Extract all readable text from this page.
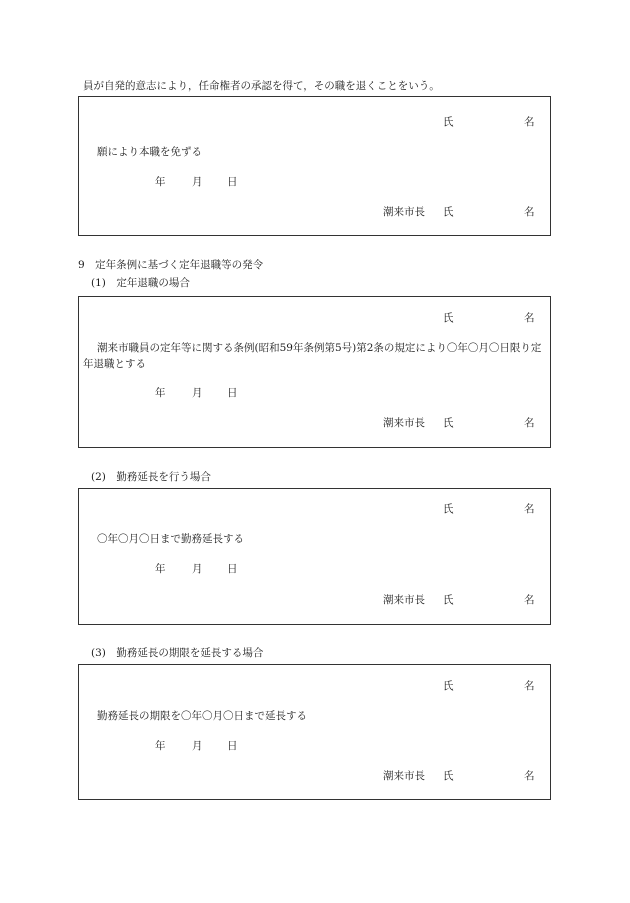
員が自発的意志により，任命権者の承認を得て，その職を退くことをいう。
氏	名
願により本職を免ずる
年	月 日
潮来市長 氏	名
9　定年条例に基づく定年退職等の発令
(1)　定年退職の場合
氏	名
潮来市職員の定年等に関する条例(昭和59年条例第5号)第2条の規定により〇年〇月〇日限り定年退職とする
年	月 日
潮来市長 氏	名
(2)　勤務延長を行う場合
氏	名
〇年〇月〇日まで勤務延長する
年	月 日
潮来市長 氏	名
(3)　勤務延長の期限を延長する場合
氏	名
勤務延長の期限を〇年〇月〇日まで延長する
年	月 日
潮来市長 氏	名
